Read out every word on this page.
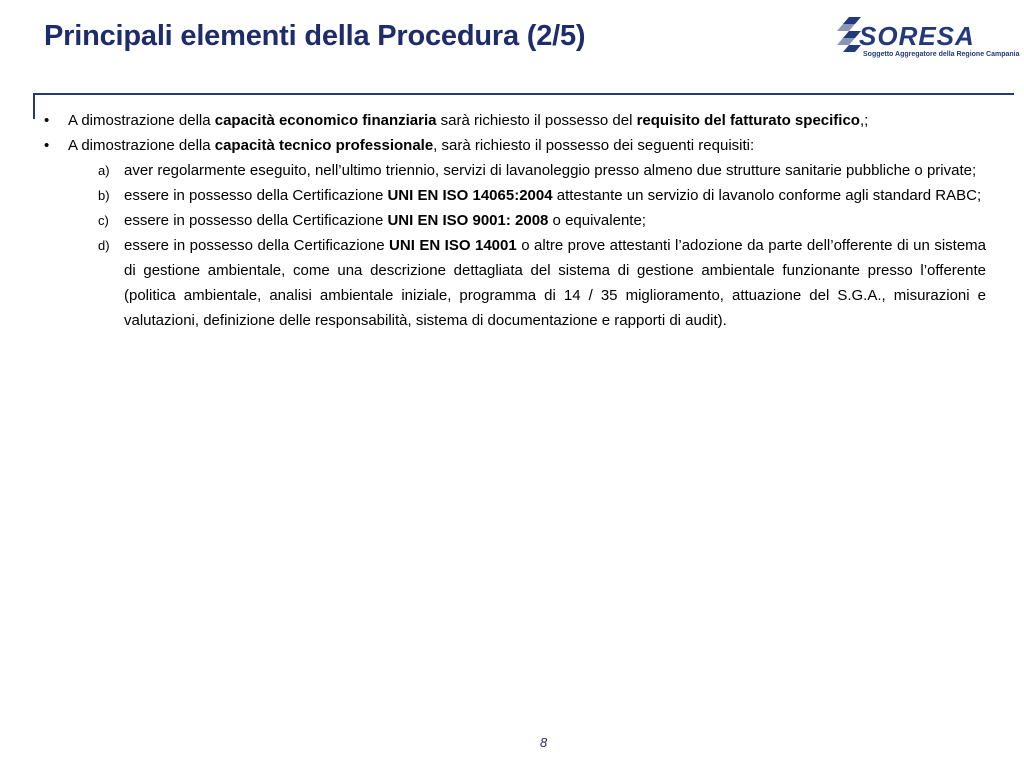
Principali elementi della Procedura (2/5)	SORESA
Soggetto Aggregatore della Regione Campania
•	A dimostrazione della capacità economico finanziaria sarà richiesto il possesso del requisito del fatturato specifico,;
•	A dimostrazione della capacità tecnico professionale, sarà richiesto il possesso dei seguenti requisiti:
a) aver regolarmente eseguito, nell’ultimo triennio, servizi di lavanoleggio presso almeno due strutture sanitarie pubbliche o private;
b) essere in possesso della Certificazione UNI EN ISO 14065:2004 attestante un servizio di lavanolo conforme agli standard RABC;
c)	essere in possesso della Certificazione UNI EN ISO 9001: 2008 o equivalente;
d) essere in possesso della Certificazione UNI EN ISO 14001 o altre prove attestanti l’adozione da parte dell’offerente di un sistema di gestione ambientale, come una descrizione dettagliata del sistema di gestione ambientale funzionante presso l’offerente (politica ambientale, analisi ambientale iniziale, programma di 14 / 35 miglioramento, attuazione del S.G.A., misurazioni e valutazioni, definizione delle responsabilità, sistema di documentazione e rapporti di audit).
8
